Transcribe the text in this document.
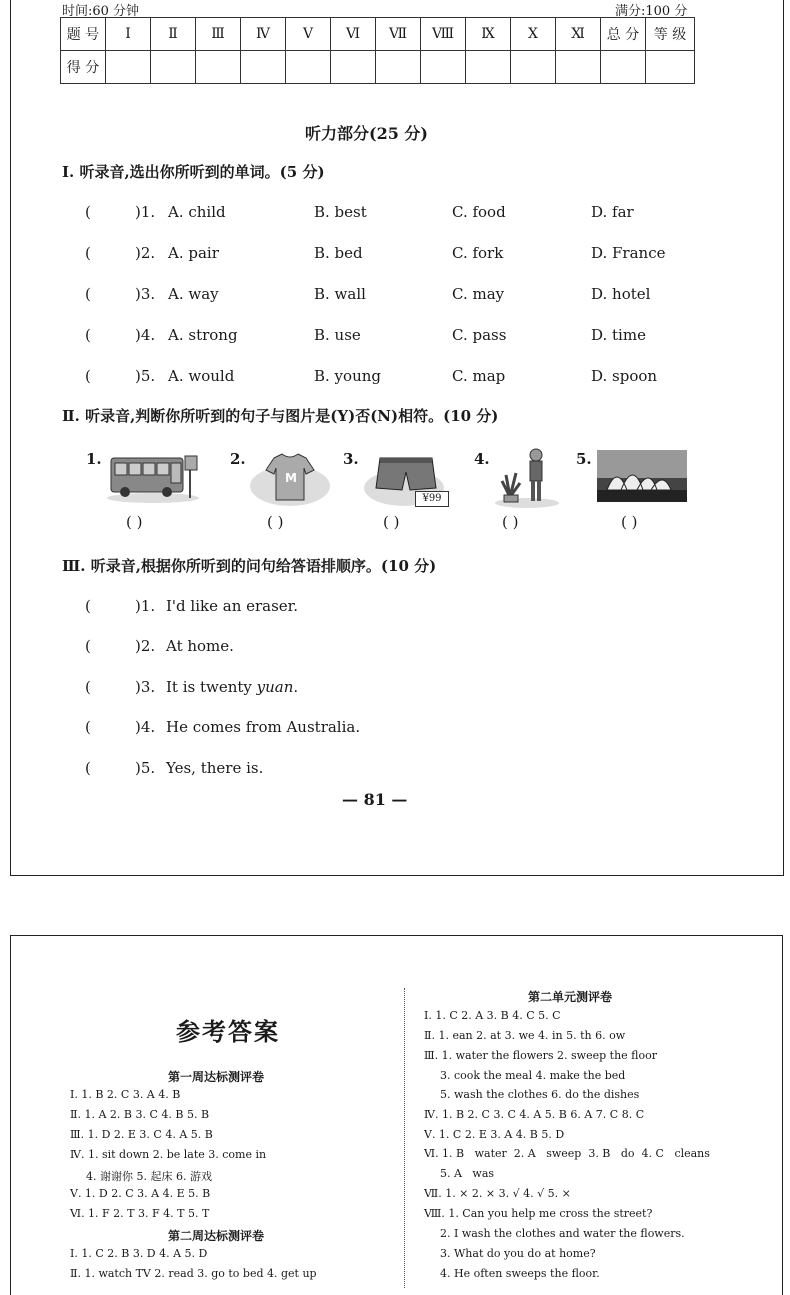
时间:60 分钟	满分:100 分
题 号	Ⅰ	Ⅱ	Ⅲ	Ⅳ	Ⅴ	Ⅵ	Ⅶ	Ⅷ	Ⅸ	Ⅹ	Ⅺ	总 分	等 级
得 分													
听力部分(25 分)
Ⅰ. 听录音,选出你所听到的单词。(5 分)
(	)1. A. child	B. best	C. food	D. far
(	)2. A. pair	B. bed	C. fork	D. France
(	)3. A. way	B. wall	C. may	D. hotel
(	)4. A. strong	B. use	C. pass	D. time
(	)5. A. would	B. young	C. map	D. spoon
Ⅱ. 听录音,判断你所听到的句子与图片是(Y)否(N)相符。(10 分)
1.
( )
2.
M
( )
3.
¥99
( )
4.
( )
5.
( )
Ⅲ. 听录音,根据你所听到的问句给答语排顺序。(10 分)
(	)1. I'd like an eraser.
(	)2. At home.
(	)3. It is twenty yuan.
(	)4. He comes from Australia.
(	)5. Yes, there is.
— 81 —
参考答案
第一周达标测评卷
Ⅰ. 1. B 2. C 3. A 4. B
Ⅱ. 1. A 2. B 3. C 4. B 5. B
Ⅲ. 1. D 2. E 3. C 4. A 5. B
Ⅳ. 1. sit down 2. be late 3. come in
4. 谢谢你 5. 起床 6. 游戏
Ⅴ. 1. D 2. C 3. A 4. E 5. B
Ⅵ. 1. F 2. T 3. F 4. T 5. T
第二周达标测评卷
Ⅰ. 1. C 2. B 3. D 4. A 5. D
Ⅱ. 1. watch TV 2. read 3. go to bed 4. get up
第二单元测评卷
Ⅰ. 1. C 2. A 3. B 4. C 5. C
Ⅱ. 1. ean 2. at 3. we 4. in 5. th 6. ow
Ⅲ. 1. water the flowers 2. sweep the floor
3. cook the meal 4. make the bed
5. wash the clothes 6. do the dishes
Ⅳ. 1. B 2. C 3. C 4. A 5. B 6. A 7. C 8. C
Ⅴ. 1. C 2. E 3. A 4. B 5. D
Ⅵ. 1. B   water  2. A   sweep  3. B   do  4. C   cleans
5. A   was
Ⅶ. 1. × 2. × 3. √ 4. √ 5. ×
Ⅷ. 1. Can you help me cross the street?
2. I wash the clothes and water the flowers.
3. What do you do at home?
4. He often sweeps the floor.
